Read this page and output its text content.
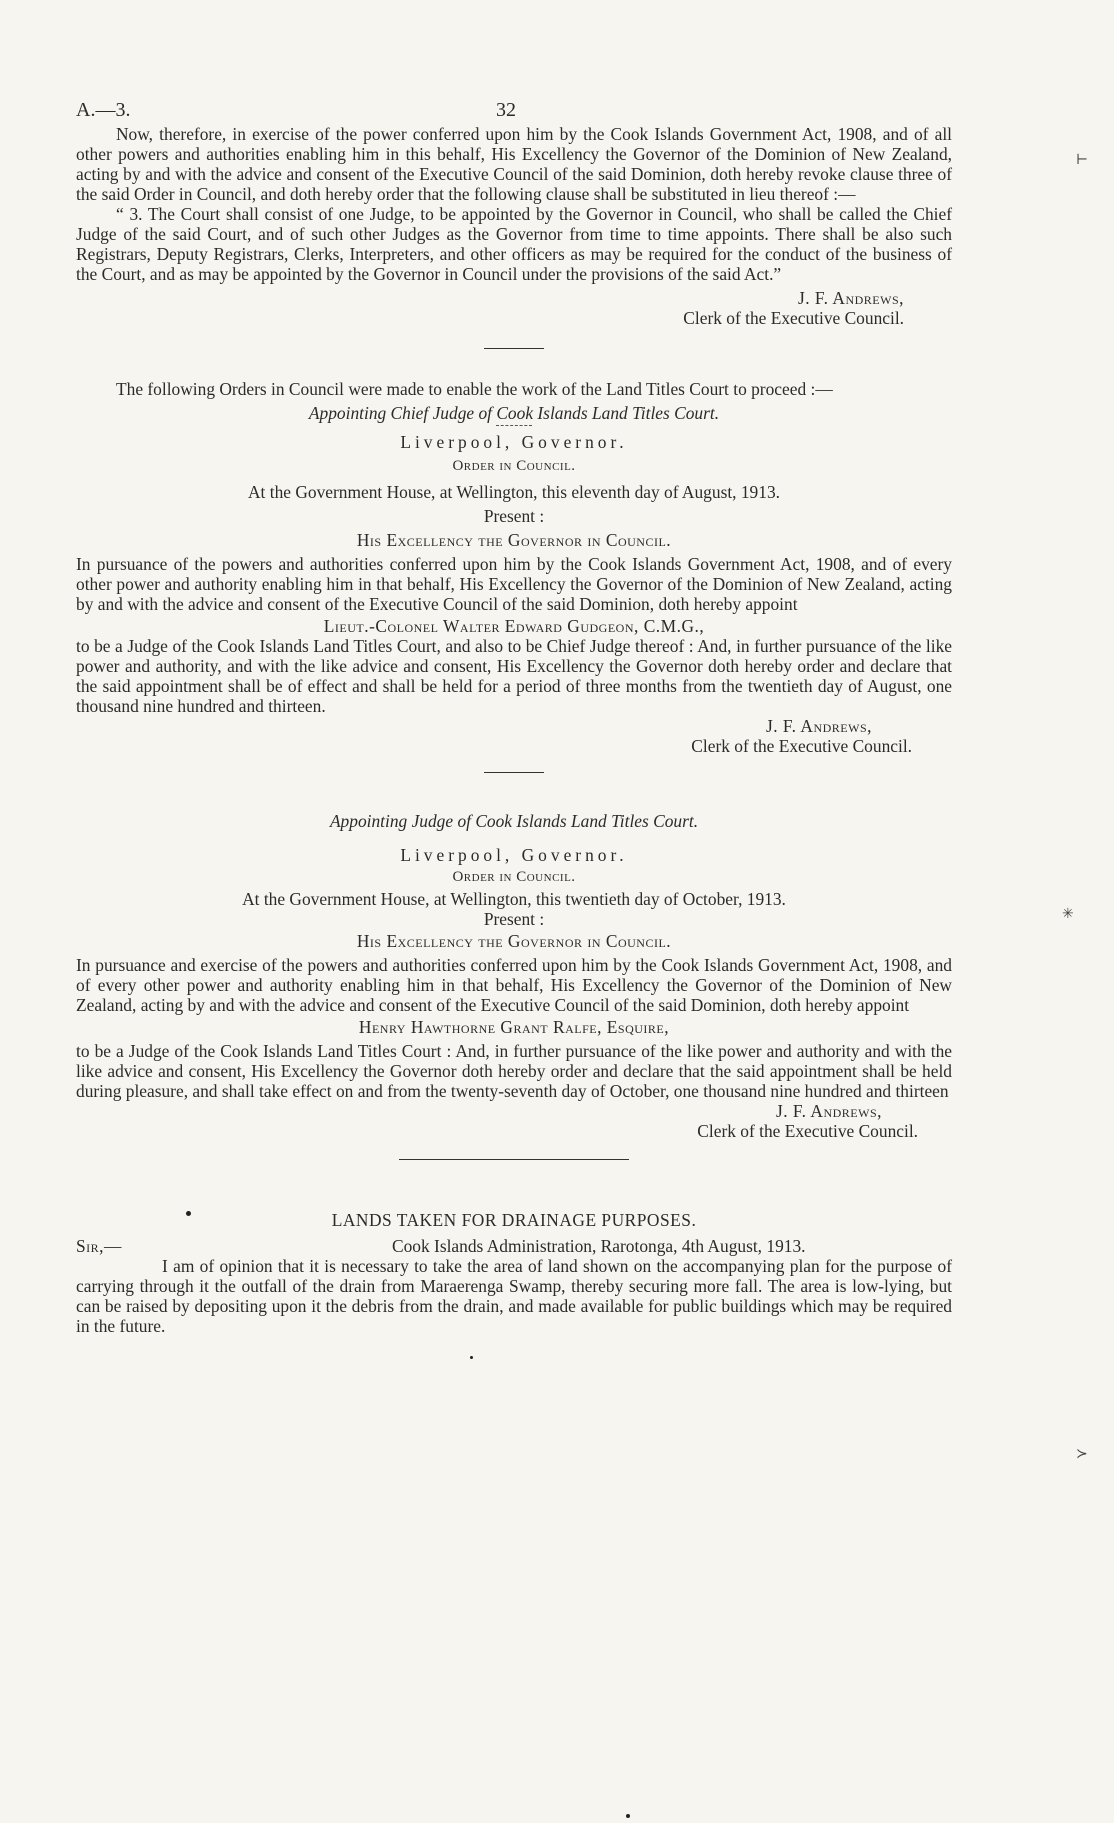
A.—3.	32

Now, therefore, in exercise of the power conferred upon him by the Cook Islands Government Act, 1908, and of all other powers and authorities enabling him in this behalf, His Excellency the Governor of the Dominion of New Zealand, acting by and with the advice and consent of the Executive Council of the said Dominion, doth hereby revoke clause three of the said Order in Council, and doth hereby order that the following clause shall be substituted in lieu thereof :—

“ 3. The Court shall consist of one Judge, to be appointed by the Governor in Council, who shall be called the Chief Judge of the said Court, and of such other Judges as the Governor from time to time appoints. There shall be also such Registrars, Deputy Registrars, Clerks, Interpreters, and other officers as may be required for the conduct of the business of the Court, and as may be appointed by the Governor in Council under the provisions of the said Act.”

J. F. Andrews,

Clerk of the Executive Council.

The following Orders in Council were made to enable the work of the Land Titles Court to proceed :—

Appointing Chief Judge of Cook Islands Land Titles Court.

Liverpool, Governor.

Order in Council.

At the Government House, at Wellington, this eleventh day of August, 1913.

Present :

His Excellency the Governor in Council.

In pursuance of the powers and authorities conferred upon him by the Cook Islands Government Act, 1908, and of every other power and authority enabling him in that behalf, His Excellency the Governor of the Dominion of New Zealand, acting by and with the advice and consent of the Executive Council of the said Dominion, doth hereby appoint

Lieut.-Colonel Walter Edward Gudgeon, C.M.G.,

to be a Judge of the Cook Islands Land Titles Court, and also to be Chief Judge thereof : And, in further pursuance of the like power and authority, and with the like advice and consent, His Excellency the Governor doth hereby order and declare that the said appointment shall be of effect and shall be held for a period of three months from the twentieth day of August, one thousand nine hundred and thirteen.

J. F. Andrews,

Clerk of the Executive Council.

Appointing Judge of Cook Islands Land Titles Court.

Liverpool, Governor.

Order in Council.

At the Government House, at Wellington, this twentieth day of October, 1913.

Present :

His Excellency the Governor in Council.

In pursuance and exercise of the powers and authorities conferred upon him by the Cook Islands Government Act, 1908, and of every other power and authority enabling him in that behalf, His Excellency the Governor of the Dominion of New Zealand, acting by and with the advice and consent of the Executive Council of the said Dominion, doth hereby appoint

Henry Hawthorne Grant Ralfe, Esquire,

to be a Judge of the Cook Islands Land Titles Court : And, in further pursuance of the like power and authority and with the like advice and consent, His Excellency the Governor doth hereby order and declare that the said appointment shall be held during pleasure, and shall take effect on and from the twenty-seventh day of October, one thousand nine hundred and thirteen

J. F. Andrews,

Clerk of the Executive Council.

LANDS TAKEN FOR DRAINAGE PURPOSES.

Sir,—	Cook Islands Administration, Rarotonga, 4th August, 1913.

I am of opinion that it is necessary to take the area of land shown on the accompanying plan for the purpose of carrying through it the outfall of the drain from Maraerenga Swamp, thereby securing more fall. The area is low-lying, but can be raised by depositing upon it the debris from the drain, and made available for public buildings which may be required in the future.

⊢
✳
≻
